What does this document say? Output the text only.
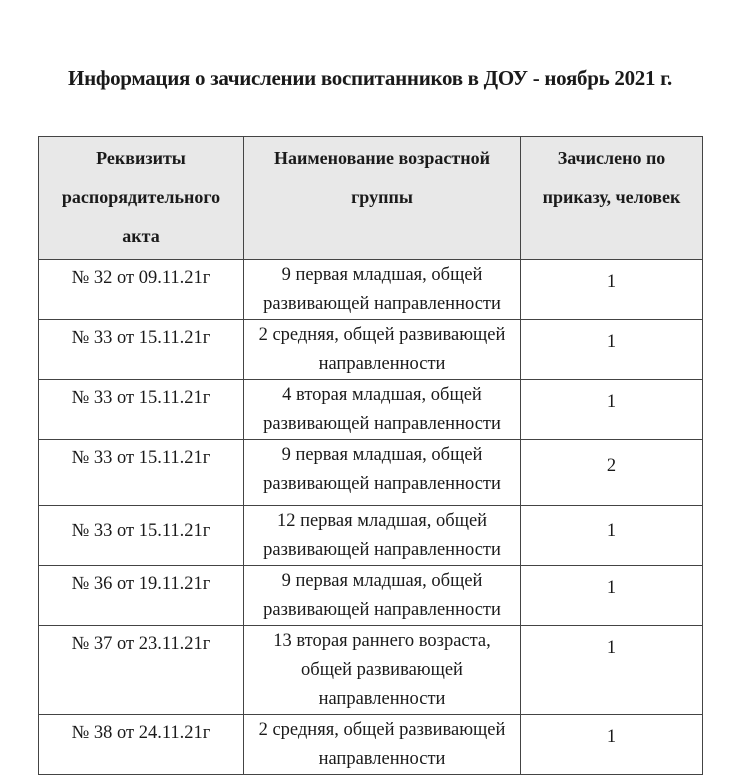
Информация о зачислении воспитанников в ДОУ - ноябрь 2021 г.
Реквизиты распорядительного акта	Наименование возрастной группы	Зачислено по приказу, человек
№ 32 от 09.11.21г	9 первая младшая, общей развивающей направленности	1
№ 33 от 15.11.21г	2 средняя, общей развивающей направленности	1
№ 33 от 15.11.21г	4 вторая младшая, общей развивающей направленности	1
№ 33 от 15.11.21г	9 первая младшая, общей развивающей направленности	2
№ 33 от 15.11.21г	12 первая младшая, общей развивающей направленности	1
№ 36 от 19.11.21г	9 первая младшая, общей развивающей направленности	1
№ 37 от 23.11.21г	13 вторая раннего возраста, общей развивающей направленности	1
№ 38 от 24.11.21г	2 средняя, общей развивающей направленности	1
